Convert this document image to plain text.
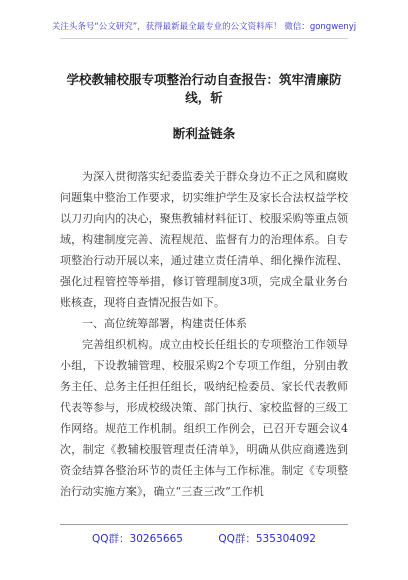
关注头条号“公文研究”，获得最新最全最专业的公文资料库！ 微信：gongwenyj
学校教辅校服专项整治行动自查报告：筑牢清廉防线，斩
断利益链条

为深入贯彻落实纪委监委关于群众身边不正之风和腐败问题集中整治工作要求，切实维护学生及家长合法权益学校以刀刃向内的决心，聚焦教辅材料征订、校服采购等重点领域，构建制度完善、流程规范、监督有力的治理体系。自专项整治行动开展以来，通过建立责任清单、细化操作流程、强化过程管控等举措，修订管理制度3项，完成全量业务台账核查，现将自查情况报告如下。

一、高位统筹部署，构建责任体系

完善组织机构。成立由校长任组长的专项整治工作领导小组，下设教辅管理、校服采购2个专项工作组，分别由教务主任、总务主任担任组长，吸纳纪检委员、家长代表教师代表等参与，形成校级决策、部门执行、家校监督的三级工作网络。规范工作机制。组织工作例会，已召开专题会议4次，制定《教辅校服管理责任清单》，明确从供应商遴选到资金结算各整治环节的责任主体与工作标准。制定《专项整治行动实施方案》，确立“三查三改”工作机

QQ群：30265665	QQ群：535304092
